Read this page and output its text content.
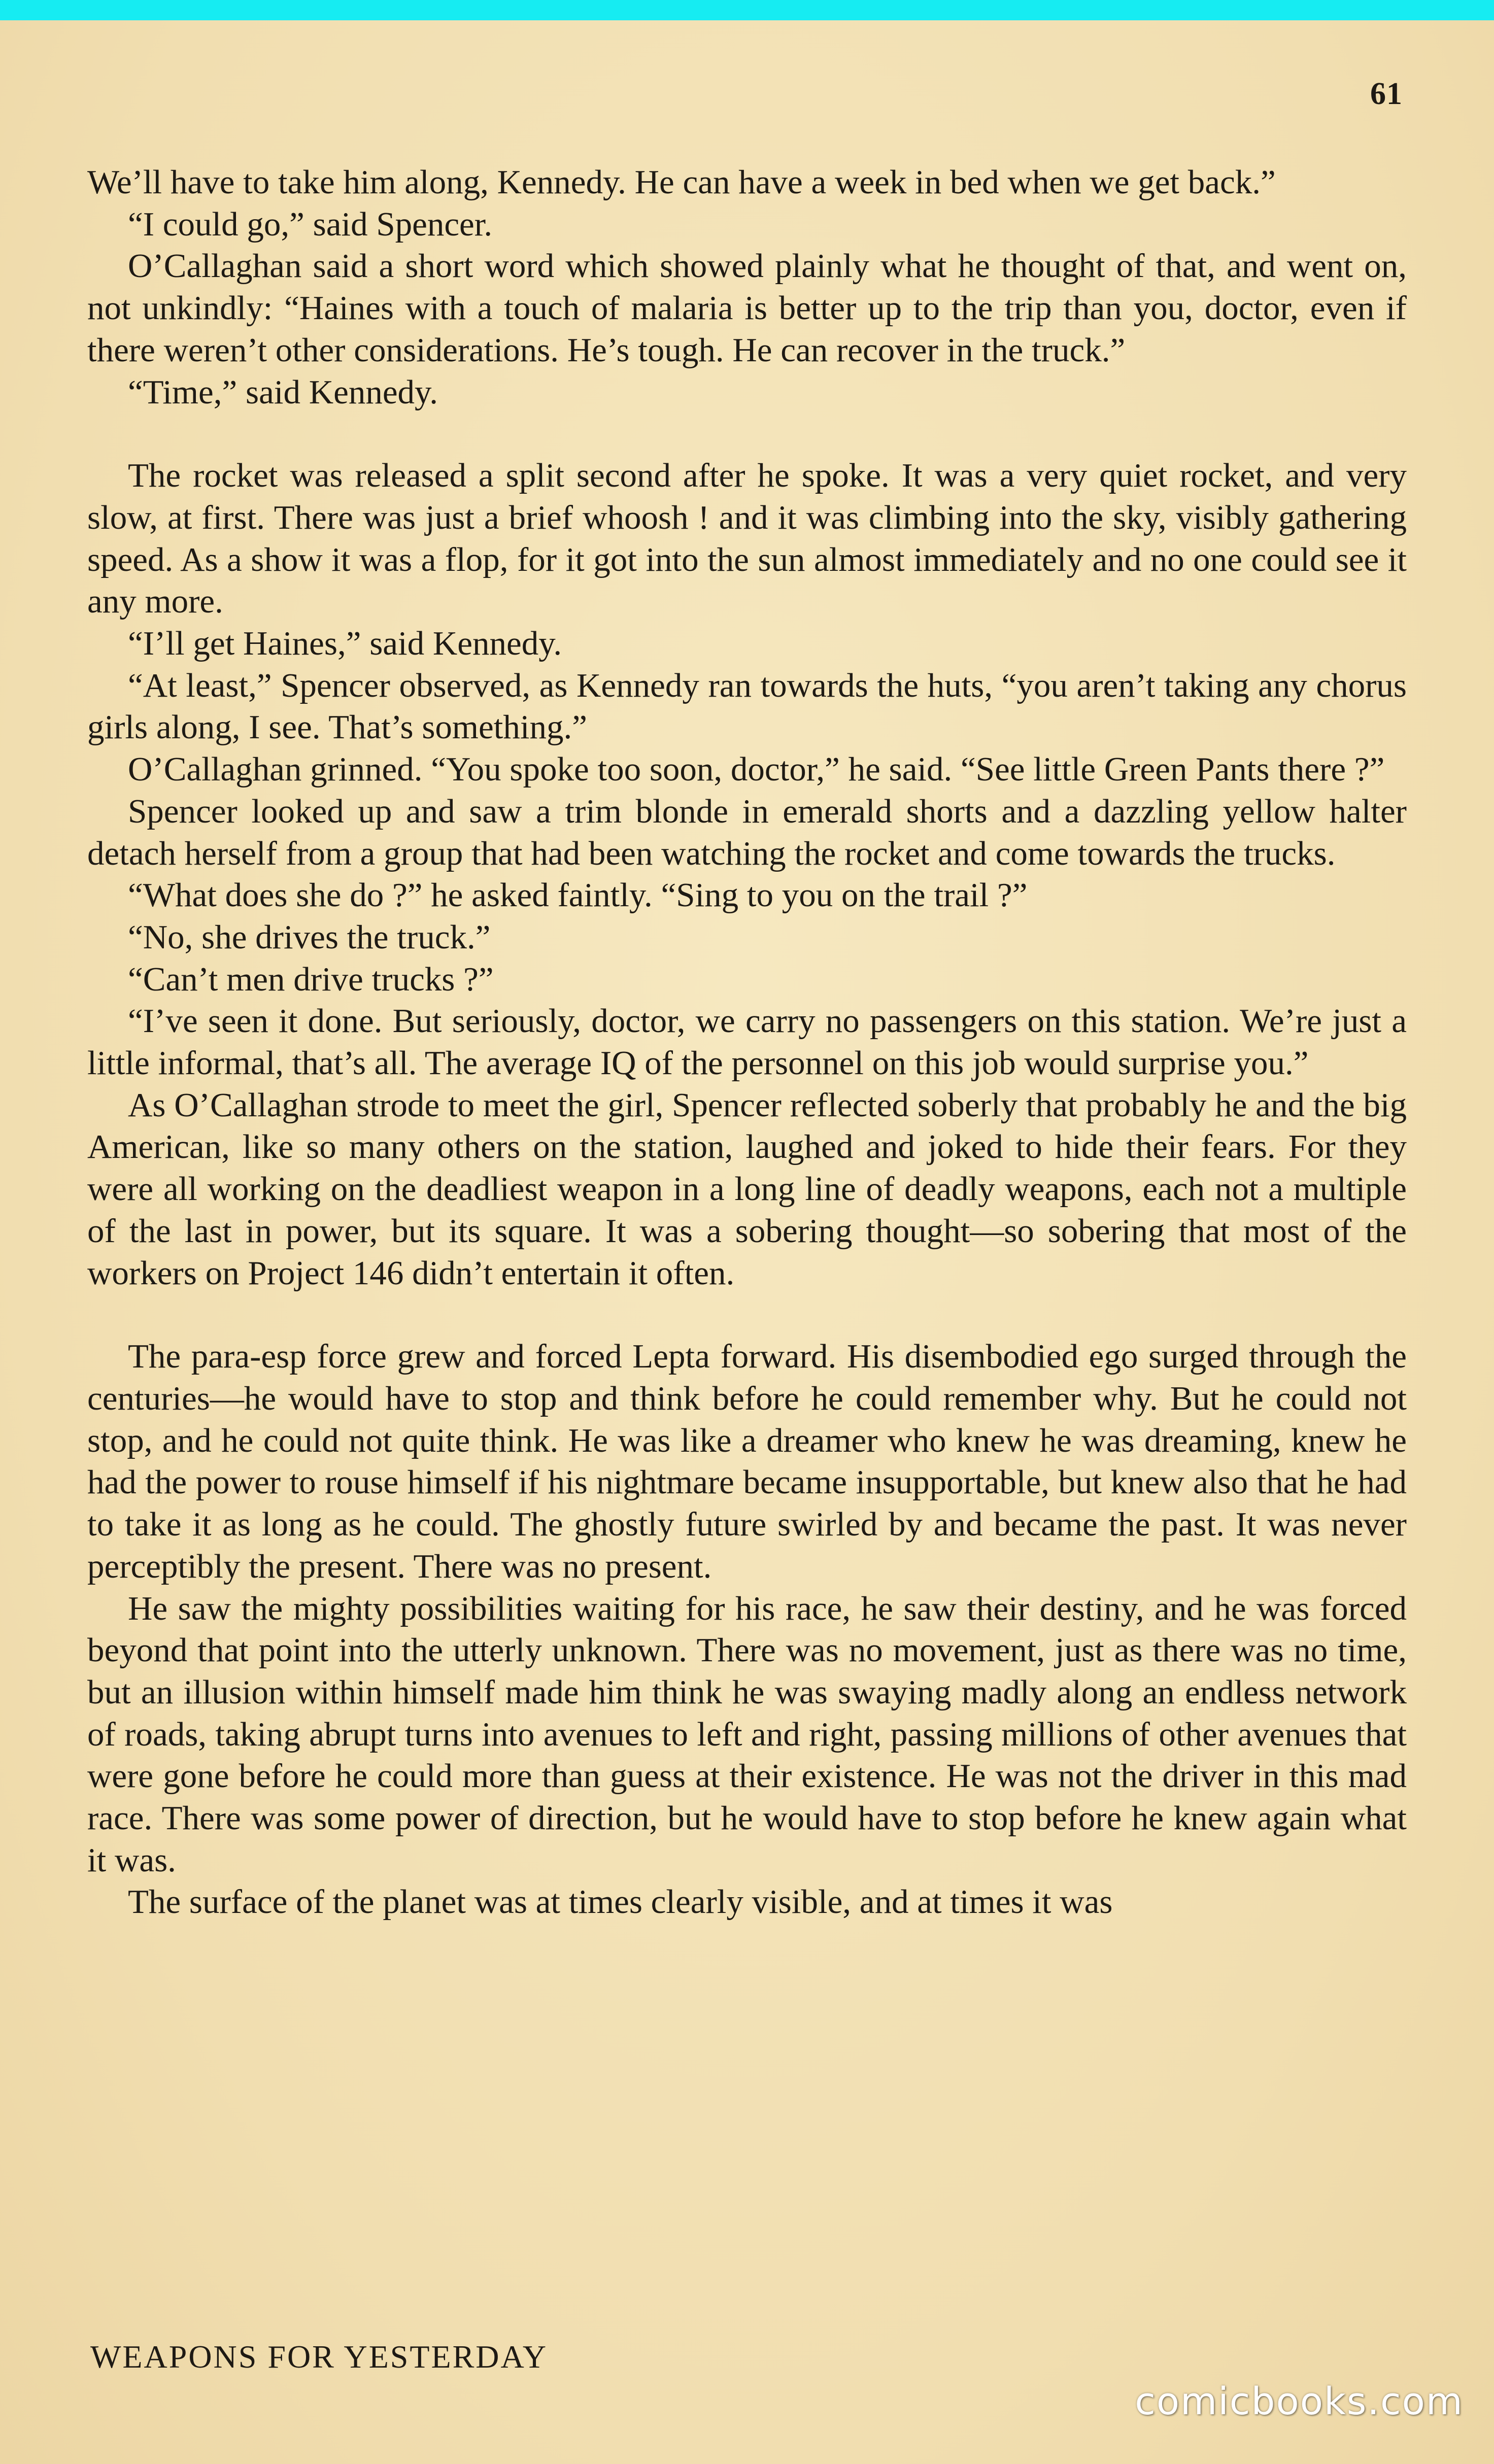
61

We’ll have to take him along, Kennedy. He can have a week in bed when we get back.”

“I could go,” said Spencer.

O’Callaghan said a short word which showed plainly what he thought of that, and went on, not unkindly: “Haines with a touch of malaria is better up to the trip than you, doctor, even if there weren’t other considerations. He’s tough. He can recover in the truck.”

“Time,” said Kennedy.

The rocket was released a split second after he spoke. It was a very quiet rocket, and very slow, at first. There was just a brief whoosh ! and it was climbing into the sky, visibly gathering speed. As a show it was a flop, for it got into the sun almost immediately and no one could see it any more.

“I’ll get Haines,” said Kennedy.

“At least,” Spencer observed, as Kennedy ran towards the huts, “you aren’t taking any chorus girls along, I see. That’s something.”

O’Callaghan grinned. “You spoke too soon, doctor,” he said. “See little Green Pants there ?”

Spencer looked up and saw a trim blonde in emerald shorts and a dazzling yellow halter detach herself from a group that had been watching the rocket and come towards the trucks.

“What does she do ?” he asked faintly. “Sing to you on the trail ?”

“No, she drives the truck.”

“Can’t men drive trucks ?”

“I’ve seen it done. But seriously, doctor, we carry no passengers on this station. We’re just a little informal, that’s all. The average IQ of the personnel on this job would surprise you.”

As O’Callaghan strode to meet the girl, Spencer reflected soberly that probably he and the big American, like so many others on the station, laughed and joked to hide their fears. For they were all working on the deadliest weapon in a long line of deadly weapons, each not a multiple of the last in power, but its square. It was a sobering thought—so sobering that most of the workers on Project 146 didn’t entertain it often.

The para-esp force grew and forced Lepta forward. His disembodied ego surged through the centuries—he would have to stop and think before he could remember why. But he could not stop, and he could not quite think. He was like a dreamer who knew he was dreaming, knew he had the power to rouse himself if his nightmare became insupportable, but knew also that he had to take it as long as he could. The ghostly future swirled by and became the past. It was never perceptibly the present. There was no present.

He saw the mighty possibilities waiting for his race, he saw their destiny, and he was forced beyond that point into the utterly unknown. There was no movement, just as there was no time, but an illusion within himself made him think he was swaying madly along an endless network of roads, taking abrupt turns into avenues to left and right, passing millions of other avenues that were gone before he could more than guess at their existence. He was not the driver in this mad race. There was some power of direction, but he would have to stop before he knew again what it was.

The surface of the planet was at times clearly visible, and at times it was

WEAPONS FOR YESTERDAY
comicbooks.com
